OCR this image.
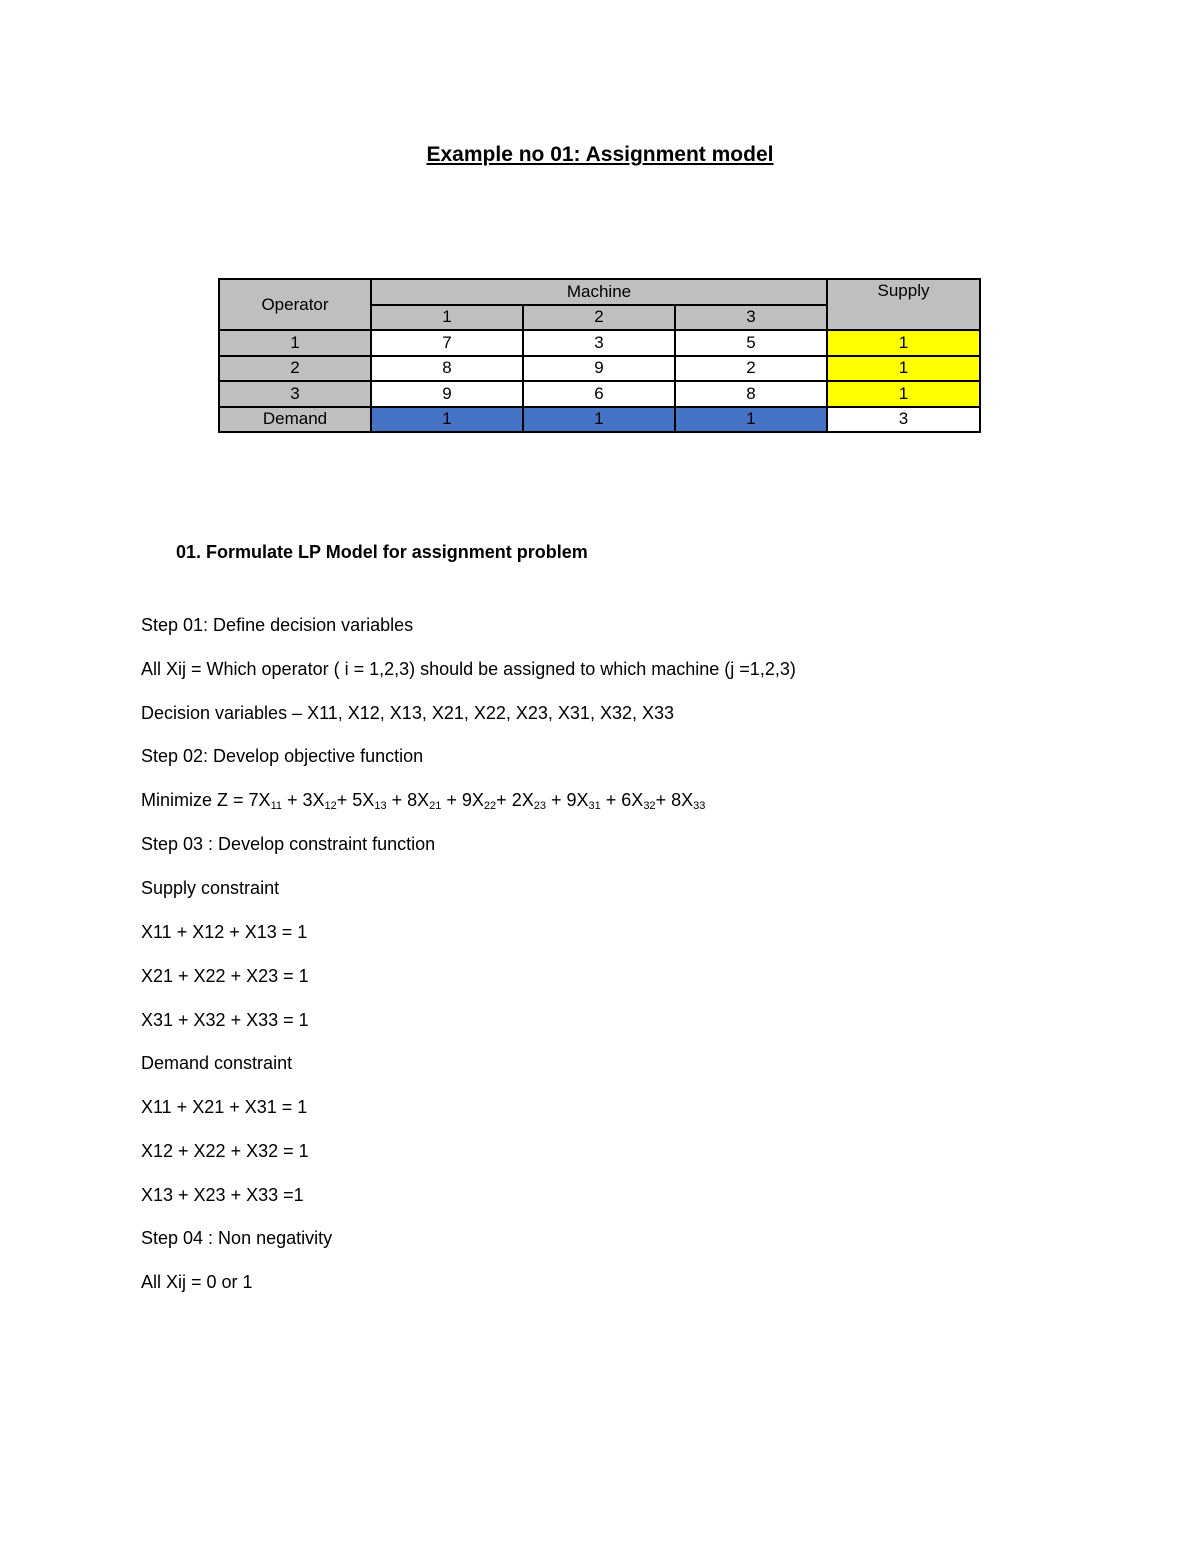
Example no 01: Assignment model
Operator	Machine			Supply
	1	2	3	
1	7	3	5	1
2	8	9	2	1
3	9	6	8	1
Demand	1	1	1	3
01. Formulate LP Model for assignment problem
Step 01: Define decision variables
All Xij = Which operator ( i = 1,2,3) should be assigned to which machine (j =1,2,3)
Decision variables – X11, X12, X13, X21, X22, X23, X31, X32, X33
Step 02: Develop objective function
Minimize $Z = 7X_{11} + 3X_{12}+ 5X_{13} + 8X_{21} + 9X_{22}+ 2X_{23} + 9X_{31} + 6X_{32}+ 8X_{33}$
Step 03 : Develop constraint function
Supply constraint
X11 + X12 + X13 = 1
X21 + X22 + X23 = 1
X31 + X32 + X33 = 1
Demand constraint
X11 + X21 + X31 = 1
X12 + X22 + X32 = 1
X13 + X23 + X33 =1
Step 04 : Non negativity
All Xij = 0 or 1
